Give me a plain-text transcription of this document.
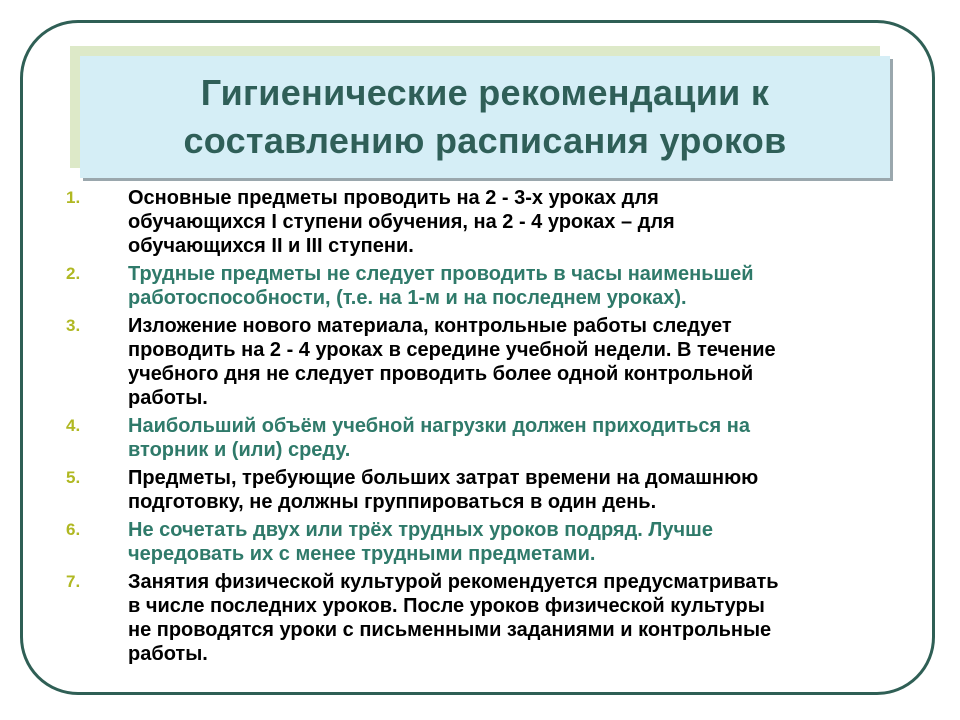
Гигиенические рекомендации к составлению расписания уроков
1.	Основные предметы проводить на 2 - 3-х уроках для
обучающихся I ступени обучения, на 2 - 4 уроках – для
обучающихся II и III ступени.
2.	Трудные предметы не следует проводить в часы наименьшей
работоспособности, (т.е. на 1-м и на последнем уроках).
3.	Изложение нового материала, контрольные работы следует
проводить на 2 - 4 уроках в середине учебной недели. В течение
учебного дня не следует проводить более одной контрольной
работы.
4.	Наибольший объём учебной нагрузки должен приходиться на
вторник и (или) среду.
5.	Предметы, требующие больших затрат времени на домашнюю
подготовку, не должны группироваться в один день.
6.	Не сочетать двух или трёх трудных уроков подряд. Лучше
чередовать их с менее трудными предметами.
7.	Занятия физической культурой рекомендуется предусматривать
в числе последних уроков. После уроков физической культуры
не проводятся уроки с письменными заданиями и контрольные
работы.
